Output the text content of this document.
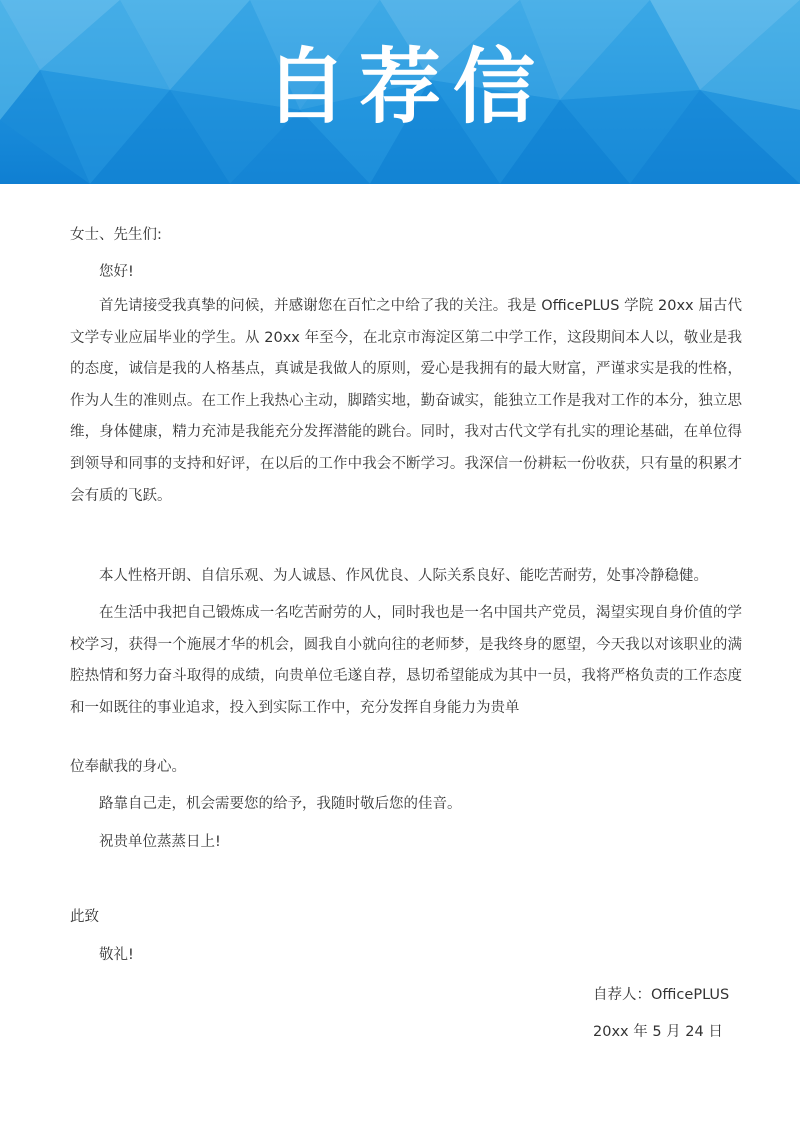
自荐信
女士、先生们:
您好!
首先请接受我真挚的问候，并感谢您在百忙之中给了我的关注。我是 OfficePLUS 学院 20xx 届古代文学专业应届毕业的学生。从 20xx 年至今，在北京市海淀区第二中学工作，这段期间本人以，敬业是我的态度，诚信是我的人格基点，真诚是我做人的原则，爱心是我拥有的最大财富，严谨求实是我的性格，作为人生的准则点。在工作上我热心主动，脚踏实地，勤奋诚实，能独立工作是我对工作的本分，独立思维，身体健康，精力充沛是我能充分发挥潜能的跳台。同时，我对古代文学有扎实的理论基础，在单位得到领导和同事的支持和好评，在以后的工作中我会不断学习。我深信一份耕耘一份收获，只有量的积累才会有质的飞跃。
本人性格开朗、自信乐观、为人诚恳、作风优良、人际关系良好、能吃苦耐劳，处事冷静稳健。
在生活中我把自己锻炼成一名吃苦耐劳的人，同时我也是一名中国共产党员，渴望实现自身价值的学校学习，获得一个施展才华的机会，圆我自小就向往的老师梦，是我终身的愿望，今天我以对该职业的满腔热情和努力奋斗取得的成绩，向贵单位毛遂自荐，恳切希望能成为其中一员，我将严格负责的工作态度和一如既往的事业追求，投入到实际工作中，充分发挥自身能力为贵单
位奉献我的身心。
路靠自己走，机会需要您的给予，我随时敬后您的佳音。
祝贵单位蒸蒸日上!
此致
敬礼!
自荐人：OfficePLUS
20xx 年 5 月 24 日
